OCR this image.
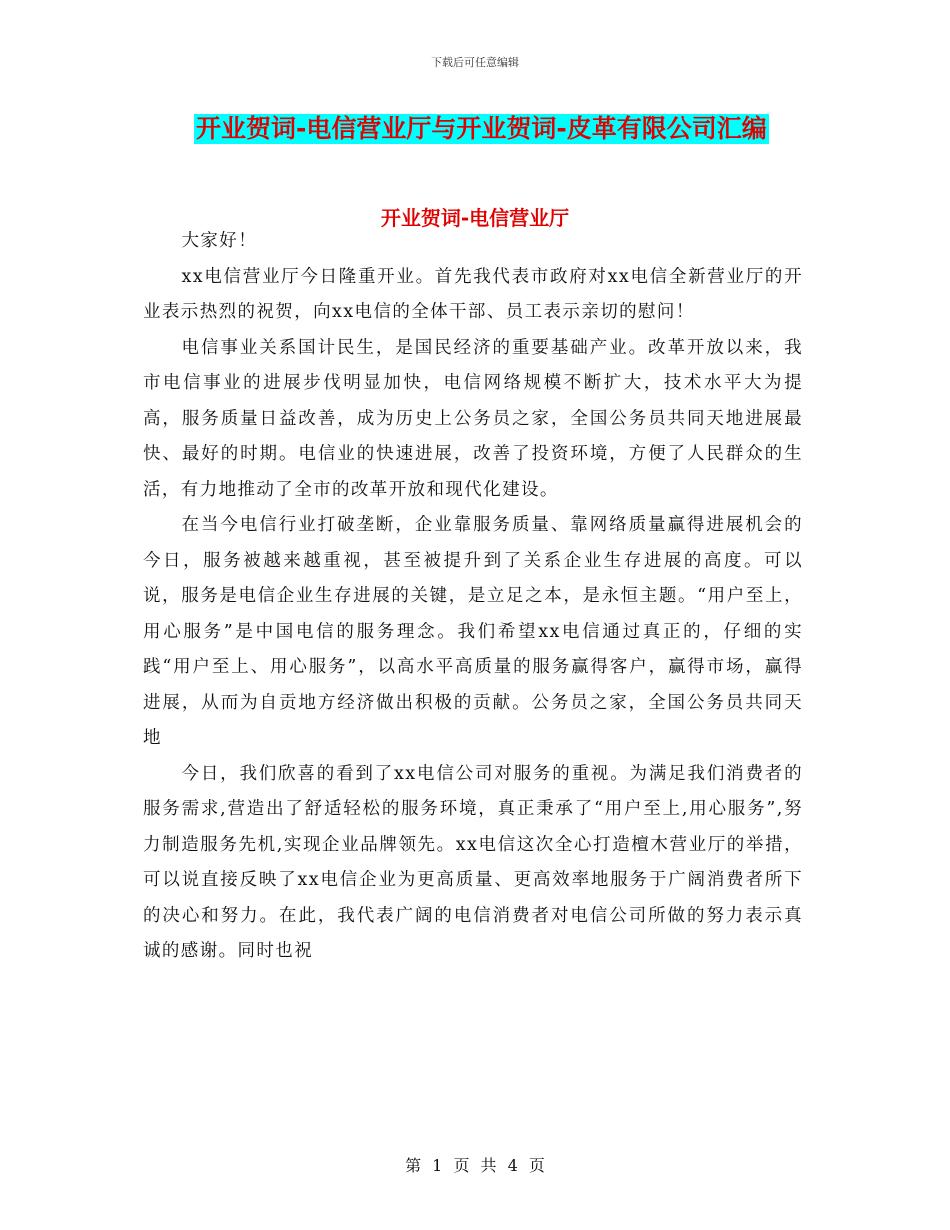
下载后可任意编辑
开业贺词-电信营业厅与开业贺词-皮革有限公司汇编
开业贺词-电信营业厅

大家好！

xx电信营业厅今日隆重开业。首先我代表市政府对xx电信全新营业厅的开业表示热烈的祝贺，向xx电信的全体干部、员工表示亲切的慰问！

电信事业关系国计民生，是国民经济的重要基础产业。改革开放以来，我市电信事业的进展步伐明显加快，电信网络规模不断扩大，技术水平大为提高，服务质量日益改善，成为历史上公务员之家，全国公务员共同天地进展最快、最好的时期。电信业的快速进展，改善了投资环境，方便了人民群众的生活，有力地推动了全市的改革开放和现代化建设。

在当今电信行业打破垄断，企业靠服务质量、靠网络质量赢得进展机会的今日，服务被越来越重视，甚至被提升到了关系企业生存进展的高度。可以说，服务是电信企业生存进展的关键，是立足之本，是永恒主题。“用户至上，用心服务”是中国电信的服务理念。我们希望xx电信通过真正的，仔细的实践“用户至上、用心服务”，以高水平高质量的服务赢得客户，赢得市场，赢得进展，从而为自贡地方经济做出积极的贡献。公务员之家，全国公务员共同天地

今日，我们欣喜的看到了xx电信公司对服务的重视。为满足我们消费者的服务需求,营造出了舒适轻松的服务环境，真正秉承了“用户至上,用心服务”,努力制造服务先机,实现企业品牌领先。xx电信这次全心打造檀木营业厅的举措，可以说直接反映了xx电信企业为更高质量、更高效率地服务于广阔消费者所下的决心和努力。在此，我代表广阔的电信消费者对电信公司所做的努力表示真诚的感谢。同时也祝

第 1 页 共 4 页
